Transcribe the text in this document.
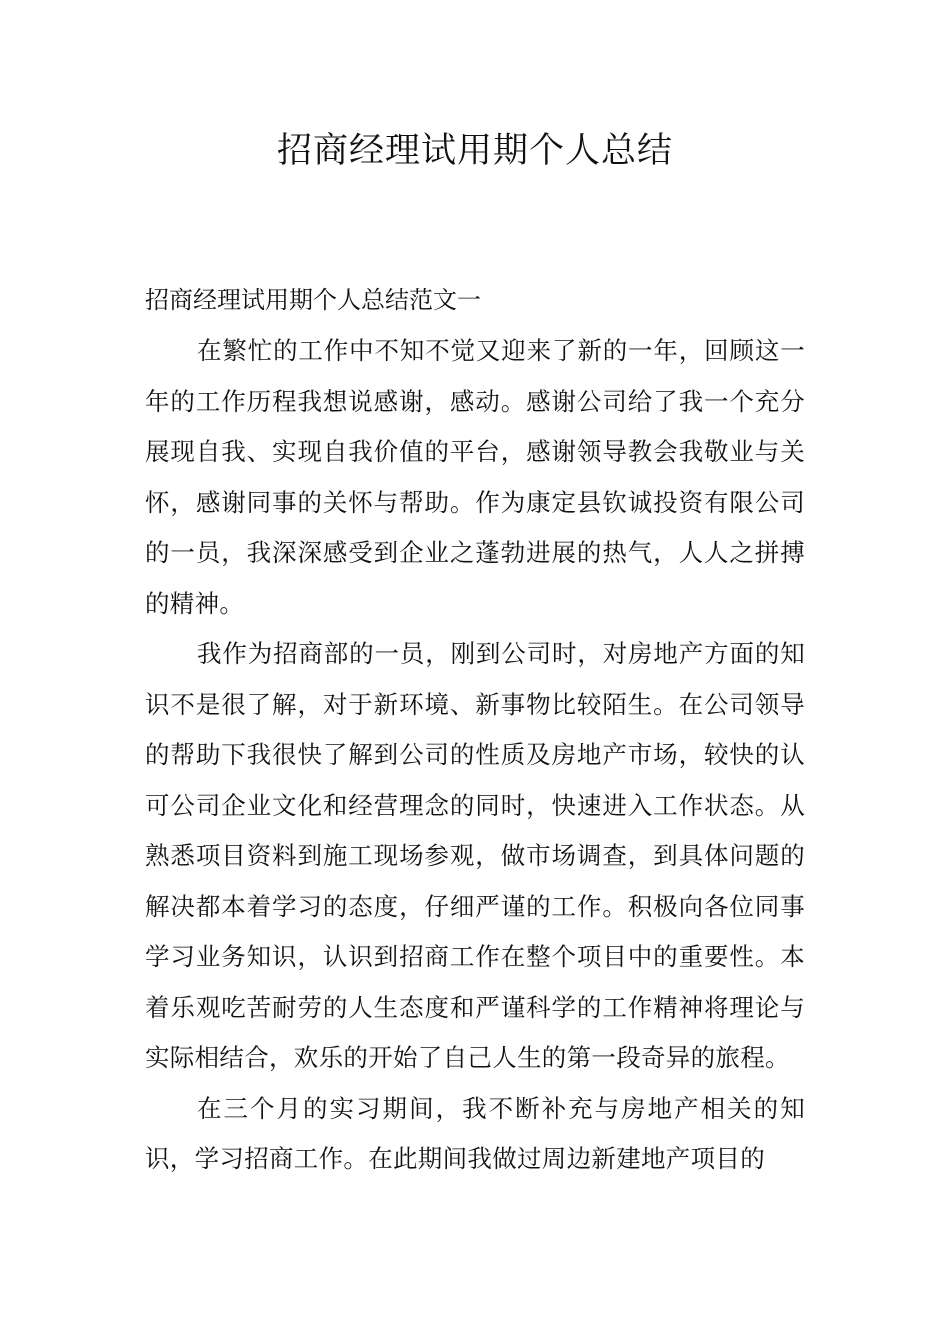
招商经理试用期个人总结

招商经理试用期个人总结范文一

在繁忙的工作中不知不觉又迎来了新的一年，回顾这一年的工作历程我想说感谢，感动。感谢公司给了我一个充分展现自我、实现自我价值的平台，感谢领导教会我敬业与关怀，感谢同事的关怀与帮助。作为康定县钦诚投资有限公司的一员，我深深感受到企业之蓬勃进展的热气，人人之拼搏的精神。

我作为招商部的一员，刚到公司时，对房地产方面的知识不是很了解，对于新环境、新事物比较陌生。在公司领导的帮助下我很快了解到公司的性质及房地产市场，较快的认可公司企业文化和经营理念的同时，快速进入工作状态。从熟悉项目资料到施工现场参观，做市场调查，到具体问题的解决都本着学习的态度，仔细严谨的工作。积极向各位同事学习业务知识，认识到招商工作在整个项目中的重要性。本着乐观吃苦耐劳的人生态度和严谨科学的工作精神将理论与实际相结合，欢乐的开始了自己人生的第一段奇异的旅程。

在三个月的实习期间，我不断补充与房地产相关的知识，学习招商工作。在此期间我做过周边新建地产项目的
